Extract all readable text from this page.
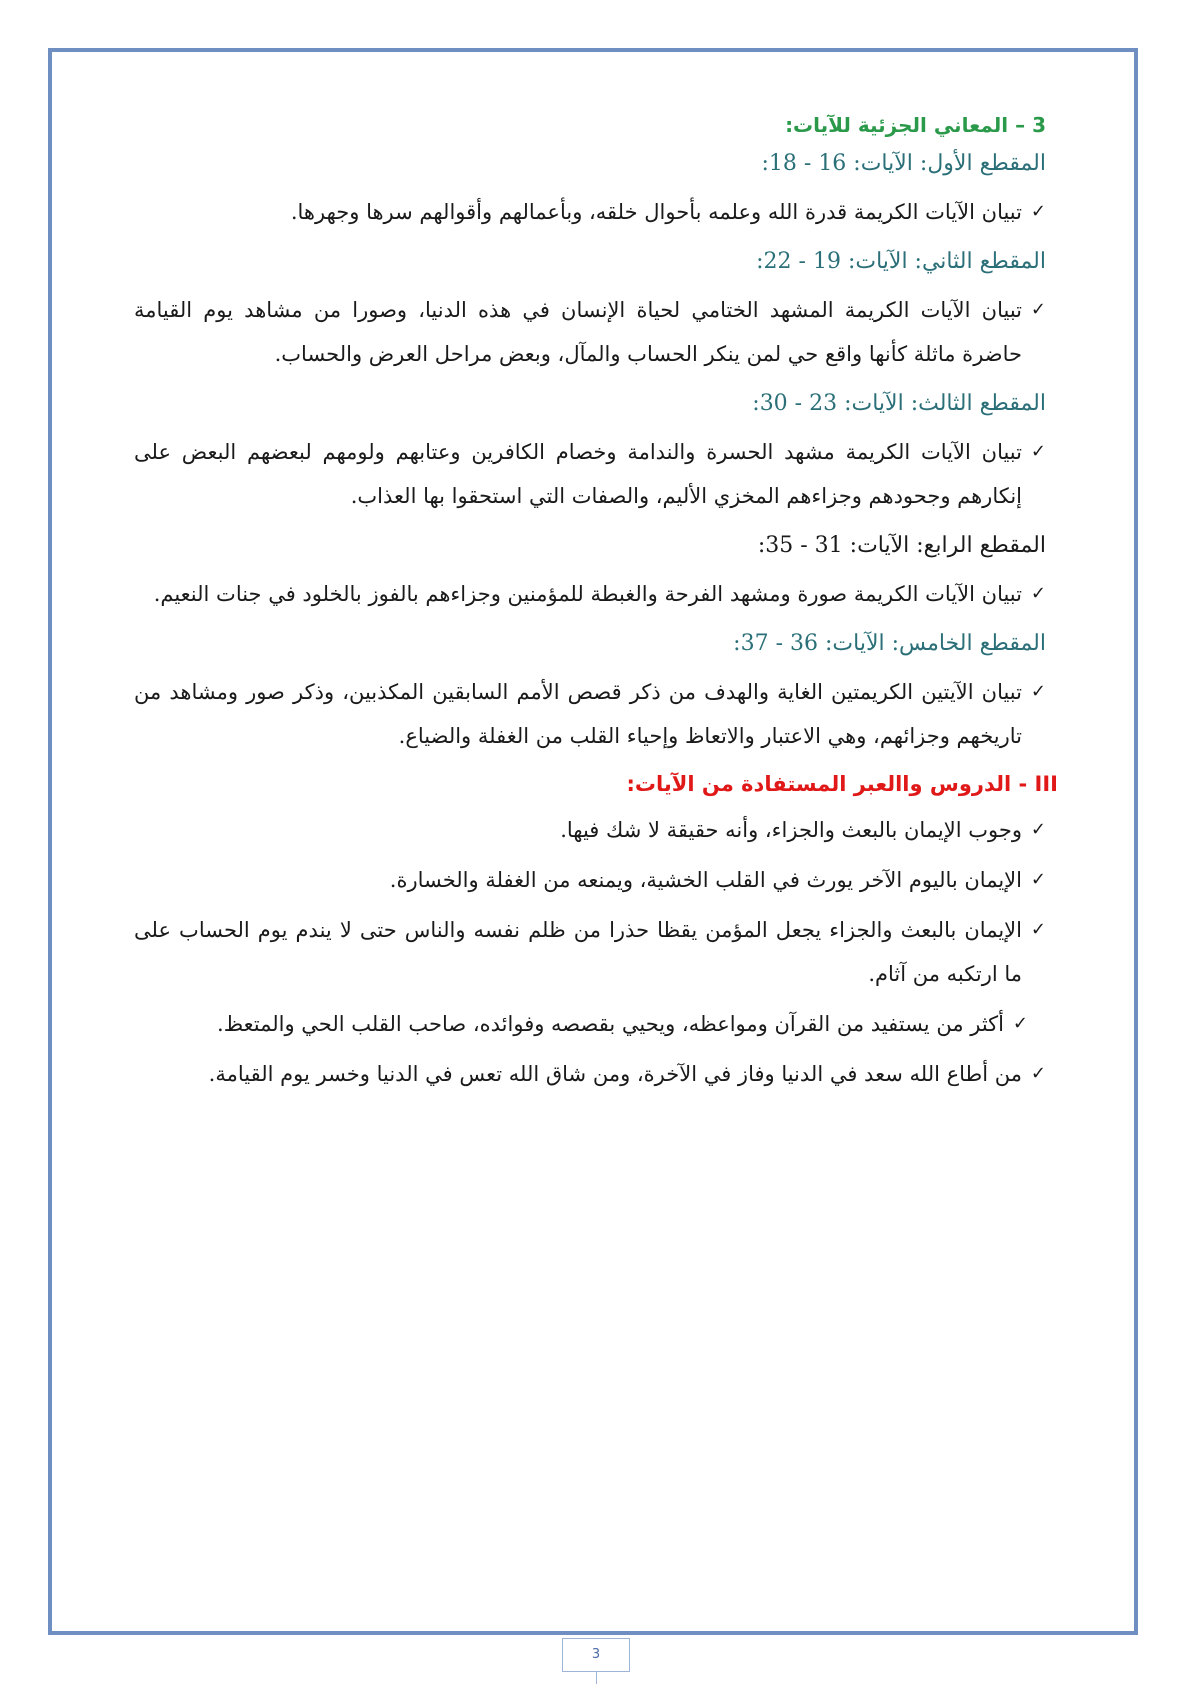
3 – المعاني الجزئية للآيات:

المقطع الأول: الآيات: 16 - 18:

✓
تبيان الآيات الكريمة قدرة الله وعلمه بأحوال خلقه، وبأعمالهم وأقوالهم سرها وجهرها.

المقطع الثاني: الآيات: 19 - 22:

✓
تبيان الآيات الكريمة المشهد الختامي لحياة الإنسان في هذه الدنيا، وصورا من مشاهد يوم القيامة حاضرة ماثلة كأنها واقع حي لمن ينكر الحساب والمآل، وبعض مراحل العرض والحساب.

المقطع الثالث: الآيات: 23 - 30:

✓
تبيان الآيات الكريمة مشهد الحسرة والندامة وخصام الكافرين وعتابهم ولومهم لبعضهم البعض على إنكارهم وجحودهم وجزاءهم المخزي الأليم، والصفات التي استحقوا بها العذاب.

المقطع الرابع: الآيات: 31 - 35:

✓
تبيان الآيات الكريمة صورة ومشهد الفرحة والغبطة للمؤمنين وجزاءهم بالفوز بالخلود في جنات النعيم.

المقطع الخامس: الآيات: 36 - 37:

✓
تبيان الآيتين الكريمتين الغاية والهدف من ذكر قصص الأمم السابقين المكذبين، وذكر صور ومشاهد من تاريخهم وجزائهم، وهي الاعتبار والاتعاظ وإحياء القلب من الغفلة والضياع.

III - الدروس واالعبر المستفادة من الآيات:

✓
وجوب الإيمان بالبعث والجزاء، وأنه حقيقة لا شك فيها.
✓
الإيمان باليوم الآخر يورث في القلب الخشية، ويمنعه من الغفلة والخسارة.
✓
الإيمان بالبعث والجزاء يجعل المؤمن يقظا حذرا من ظلم نفسه والناس حتى لا يندم يوم الحساب على ما ارتكبه من آثام.
✓
أكثر من يستفيد من القرآن ومواعظه، ويحيي بقصصه وفوائده، صاحب القلب الحي والمتعظ.
✓
من أطاع الله سعد في الدنيا وفاز في الآخرة، ومن شاق الله تعس في الدنيا وخسر يوم القيامة.
3
